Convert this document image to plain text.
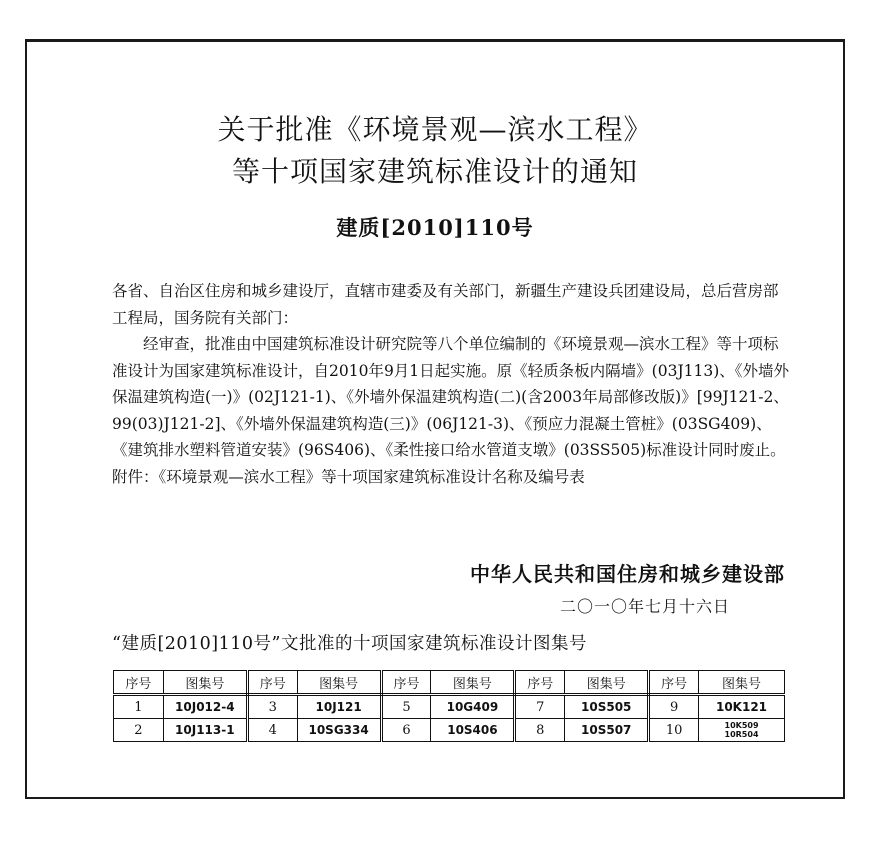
关于批准《环境景观—滨水工程》
等十项国家建筑标准设计的通知
建质[2010]110号

各省、自治区住房和城乡建设厅，直辖市建委及有关部门，新疆生产建设兵团建设局，总后营房部工程局，国务院有关部门：

经审查，批准由中国建筑标准设计研究院等八个单位编制的《环境景观—滨水工程》等十项标准设计为国家建筑标准设计，自2010年9月1日起实施。原《轻质条板内隔墙》(03J113)、《外墙外保温建筑构造(一)》(02J121-1)、《外墙外保温建筑构造(二)(含2003年局部修改版)》[99J121-2、99(03)J121-2]、《外墙外保温建筑构造(三)》(06J121-3)、《预应力混凝土管桩》(03SG409)、《建筑排水塑料管道安装》(96S406)、《柔性接口给水管道支墩》(03SS505)标准设计同时废止。

附件：《环境景观—滨水工程》等十项国家建筑标准设计名称及编号表

中华人民共和国住房和城乡建设部
二〇一〇年七月十六日
“建质[2010]110号”文批准的十项国家建筑标准设计图集号
序号	图集号	序号	图集号	序号	图集号	序号	图集号	序号	图集号
1	10J012-4	3	10J121	5	10G409	7	10S505	9	10K121
2	10J113-1	4	10SG334	6	10S406	8	10S507	10	10K509
10R504
